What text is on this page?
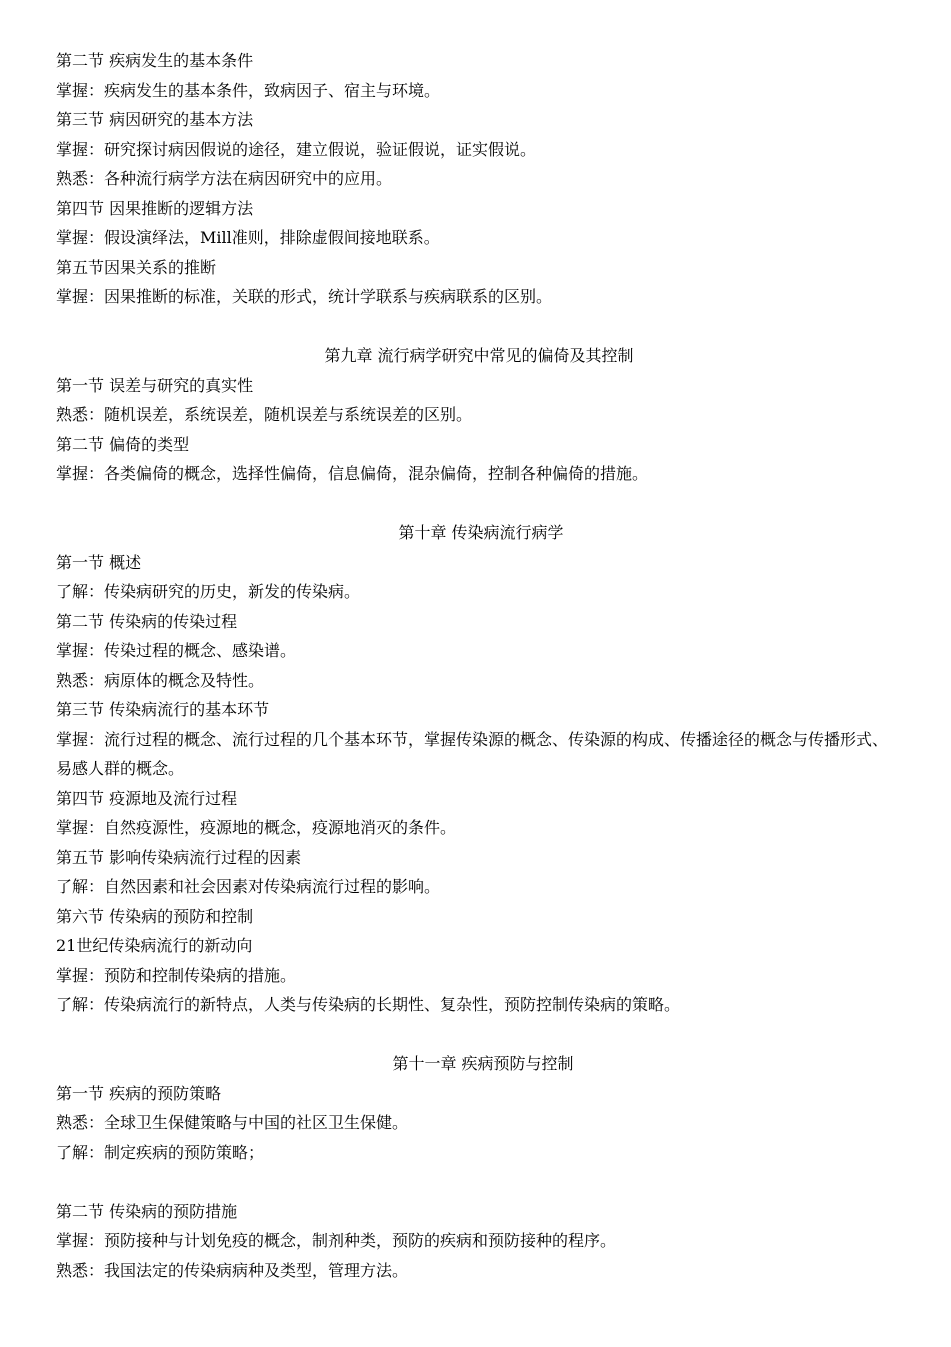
第二节 疾病发生的基本条件

掌握：疾病发生的基本条件，致病因子、宿主与环境。

第三节 病因研究的基本方法

掌握：研究探讨病因假说的途径，建立假说，验证假说，证实假说。

熟悉：各种流行病学方法在病因研究中的应用。

第四节 因果推断的逻辑方法

掌握：假设演绎法，Mill准则，排除虚假间接地联系。

第五节因果关系的推断

掌握：因果推断的标准，关联的形式，统计学联系与疾病联系的区别。

第九章 流行病学研究中常见的偏倚及其控制

第一节 误差与研究的真实性

熟悉：随机误差，系统误差，随机误差与系统误差的区别。

第二节 偏倚的类型

掌握：各类偏倚的概念，选择性偏倚，信息偏倚，混杂偏倚，控制各种偏倚的措施。

第十章 传染病流行病学

第一节 概述

了解：传染病研究的历史，新发的传染病。

第二节 传染病的传染过程

掌握：传染过程的概念、感染谱。

熟悉：病原体的概念及特性。

第三节 传染病流行的基本环节

掌握：流行过程的概念、流行过程的几个基本环节，掌握传染源的概念、传染源的构成、传播途径的概念与传播形式、易感人群的概念。

第四节 疫源地及流行过程

掌握：自然疫源性，疫源地的概念，疫源地消灭的条件。

第五节 影响传染病流行过程的因素

了解：自然因素和社会因素对传染病流行过程的影响。

第六节 传染病的预防和控制

21世纪传染病流行的新动向

掌握：预防和控制传染病的措施。

了解：传染病流行的新特点，人类与传染病的长期性、复杂性，预防控制传染病的策略。

第十一章 疾病预防与控制

第一节 疾病的预防策略

熟悉：全球卫生保健策略与中国的社区卫生保健。

了解：制定疾病的预防策略；

第二节 传染病的预防措施

掌握：预防接种与计划免疫的概念，制剂种类，预防的疾病和预防接种的程序。

熟悉：我国法定的传染病病种及类型，管理方法。
